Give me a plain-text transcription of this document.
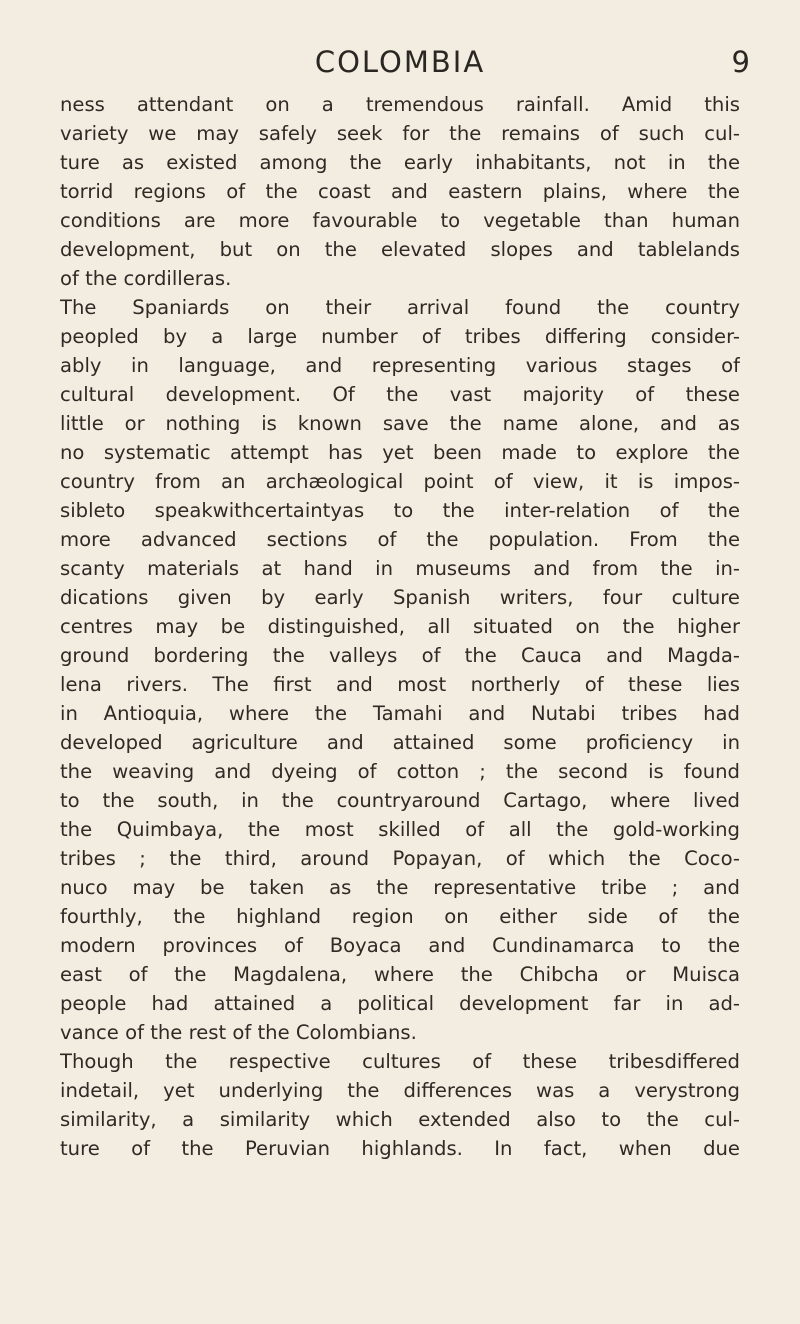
COLOMBIA	9
ness attendant on a tremendous rainfall. Amid this
variety we may safely seek for the remains of such cul-
ture as existed among the early inhabitants, not in the
torrid regions of the coast and eastern plains, where the
conditions are more favourable to vegetable than human
development, but on the elevated slopes and tablelands
of the cordilleras.
The Spaniards on their arrival found the country
peopled by a large number of tribes differing consider-
ably in language, and representing various stages of
cultural development. Of the vast majority of these
little or nothing is known save the name alone, and as
no systematic attempt has yet been made to explore the
country from an archæological point of view, it is impos-
sibleto speakwithcertaintyas to the inter-relation of the
more advanced sections of the population. From the
scanty materials at hand in museums and from the in-
dications given by early Spanish writers, four culture
centres may be distinguished, all situated on the higher
ground bordering the valleys of the Cauca and Magda-
lena rivers. The first and most northerly of these lies
in Antioquia, where the Tamahi and Nutabi tribes had
developed agriculture and attained some proficiency in
the weaving and dyeing of cotton ; the second is found
to the south, in the countryaround Cartago, where lived
the Quimbaya, the most skilled of all the gold-working
tribes ; the third, around Popayan, of which the Coco-
nuco may be taken as the representative tribe ; and
fourthly, the highland region on either side of the
modern provinces of Boyaca and Cundinamarca to the
east of the Magdalena, where the Chibcha or Muisca
people had attained a political development far in ad-
vance of the rest of the Colombians.
Though the respective cultures of these tribesdiffered
indetail, yet underlying the differences was a verystrong
similarity, a similarity which extended also to the cul-
ture of the Peruvian highlands. In fact, when due
